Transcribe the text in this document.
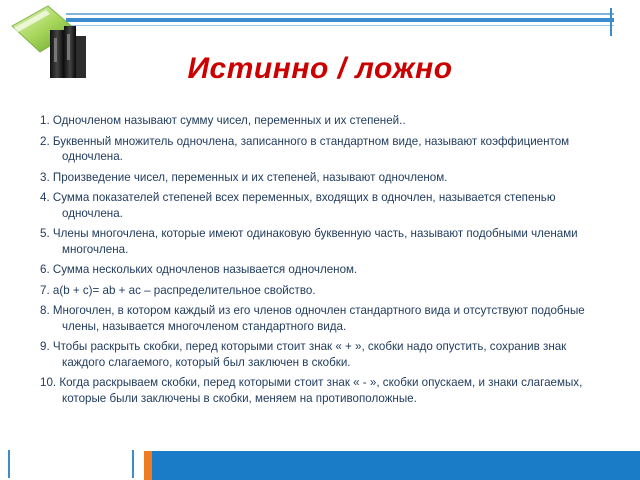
Истинно / ложно
1. Одночленом называют сумму чисел, переменных и их степеней..
2. Буквенный множитель одночлена, записанного в стандартном виде, называют коэффициентом одночлена.
3. Произведение чисел, переменных и их степеней, называют одночленом.
4. Сумма показателей степеней всех переменных, входящих в одночлен, называется степенью одночлена.
5. Члены многочлена, которые имеют одинаковую буквенную часть, называют подобными членами многочлена.
6. Сумма нескольких одночленов называется одночленом.
7. a(b + c)= ab + ac – распределительное свойство.
8. Многочлен, в котором каждый из его членов одночлен стандартного вида и отсутствуют подобные члены, называется многочленом стандартного вида.
9. Чтобы раскрыть скобки, перед которыми стоит знак « + », скобки надо опустить, сохранив знак каждого слагаемого, который был заключен в скобки.
10. Когда раскрываем скобки, перед которыми стоит знак « - », скобки опускаем, и знаки слагаемых, которые были заключены в скобки, меняем на противоположные.
